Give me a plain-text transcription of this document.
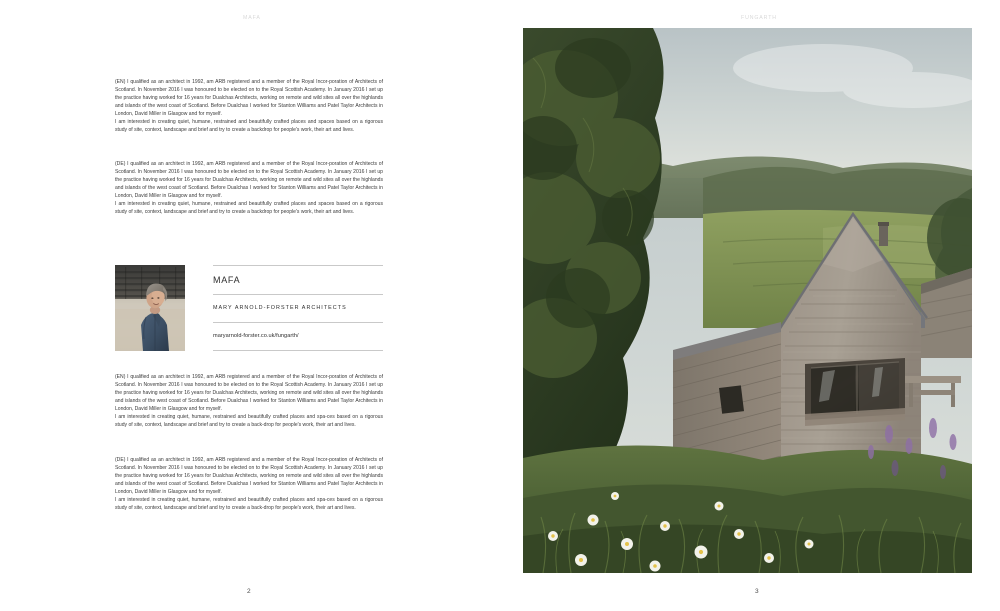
MAFA

(EN) I qualified as an architect in 1992, am ARB registered and a member of the Royal Incor-poration of Architects of Scotland. In November 2016 I was honoured to be elected on to the Royal Scottish Academy. In January 2016 I set up the practice having worked for 16 years for Dualchas Architects, working on remote and wild sites all over the highlands and islands of the west coast of Scotland. Before Dualchas I worked for Stanton Williams and Patel Taylor Architects in London, David Miller in Glasgow and for myself.

I am interested in creating quiet, humane, restrained and beautifully crafted places and spaces based on a rigorous study of site, context, landscape and brief and try to create a backdrop for people's work, their art and lives.

(DE) I qualified as an architect in 1992, am ARB registered and a member of the Royal Incor-poration of Architects of Scotland. In November 2016 I was honoured to be elected on to the Royal Scottish Academy. In January 2016 I set up the practice having worked for 16 years for Dualchas Architects, working on remote and wild sites all over the highlands and islands of the west coast of Scotland. Before Dualchas I worked for Stanton Williams and Patel Taylor Architects in London, David Miller in Glasgow and for myself.

I am interested in creating quiet, humane, restrained and beautifully crafted places and spaces based on a rigorous study of site, context, landscape and brief and try to create a backdrop for people's work, their art and lives.

MAFA
MARY ARNOLD-FORSTER ARCHITECTS
maryarnold-forster.co.uk/fungarth/

(EN) I qualified as an architect in 1992, am ARB registered and a member of the Royal Incor-poration of Architects of Scotland. In November 2016 I was honoured to be elected on to the Royal Scottish Academy. In January 2016 I set up the practice having worked for 16 years for Dualchas Architects, working on remote and wild sites all over the highlands and islands of the west coast of Scotland. Before Dualchas I worked for Stanton Williams and Patel Taylor Architects in London, David Miller in Glasgow and for myself.

I am interested in creating quiet, humane, restrained and beautifully crafted places and spa-ces based on a rigorous study of site, context, landscape and brief and try to create a back-drop for people's work, their art and lives.

(DE) I qualified as an architect in 1992, am ARB registered and a member of the Royal Incor-poration of Architects of Scotland. In November 2016 I was honoured to be elected on to the Royal Scottish Academy. In January 2016 I set up the practice having worked for 16 years for Dualchas Architects, working on remote and wild sites all over the highlands and islands of the west coast of Scotland. Before Dualchas I worked for Stanton Williams and Patel Taylor Architects in London, David Miller in Glasgow and for myself.

I am interested in creating quiet, humane, restrained and beautifully crafted places and spa-ces based on a rigorous study of site, context, landscape and brief and try to create a back-drop for people's work, their art and lives.

2
FUNGARTH
3
